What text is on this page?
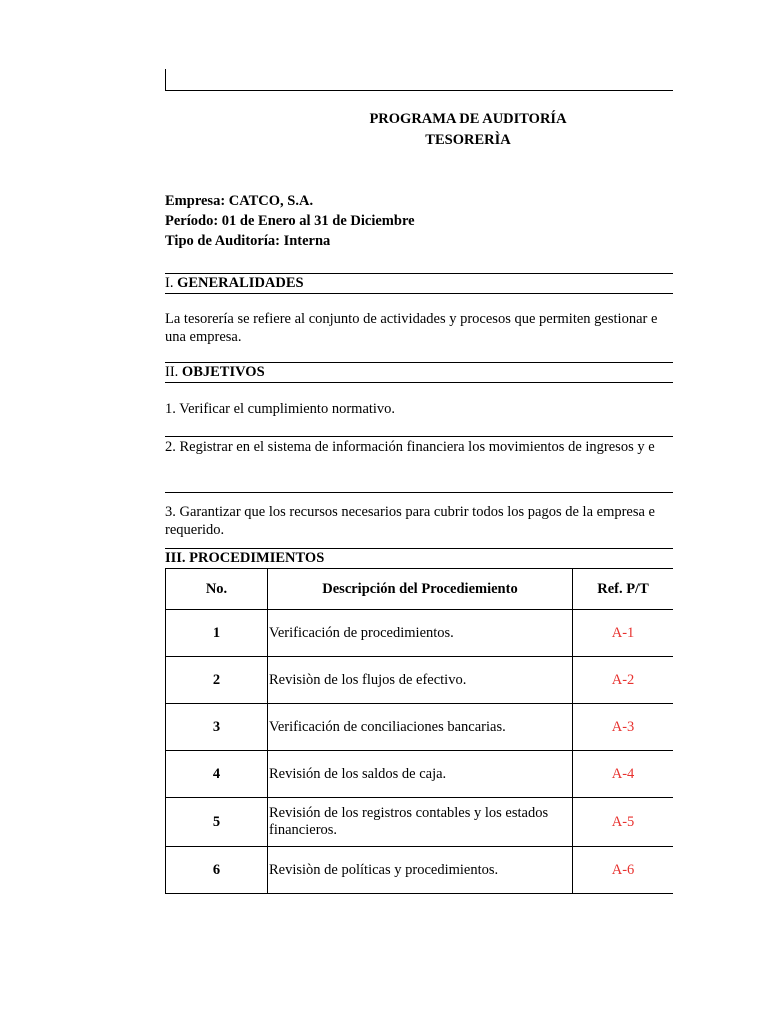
PROGRAMA DE AUDITORÍA
TESORERÌA
Empresa: CATCO, S.A.
Período: 01 de Enero al 31 de Diciembre
Tipo de Auditoría: Interna
I. GENERALIDADES
La tesorería se refiere al conjunto de actividades y procesos que permiten gestionar e una empresa.
II. OBJETIVOS
1. Verificar el cumplimiento normativo.
2. Registrar en el sistema de información financiera los movimientos de ingresos y e
3. Garantizar que los recursos necesarios para cubrir todos los pagos de la empresa e requerido.
III. PROCEDIMIENTOS
No.	Descripción del Procediemiento	Ref. P/T
1	Verificación de procedimientos.	A-1
2	Revisiòn de los flujos de efectivo.	A-2
3	Verificación de conciliaciones bancarias.	A-3
4	Revisión de los saldos de caja.	A-4
5	Revisión de los registros contables y los estados financieros.	A-5
6	Revisiòn de políticas y procedimientos.	A-6
